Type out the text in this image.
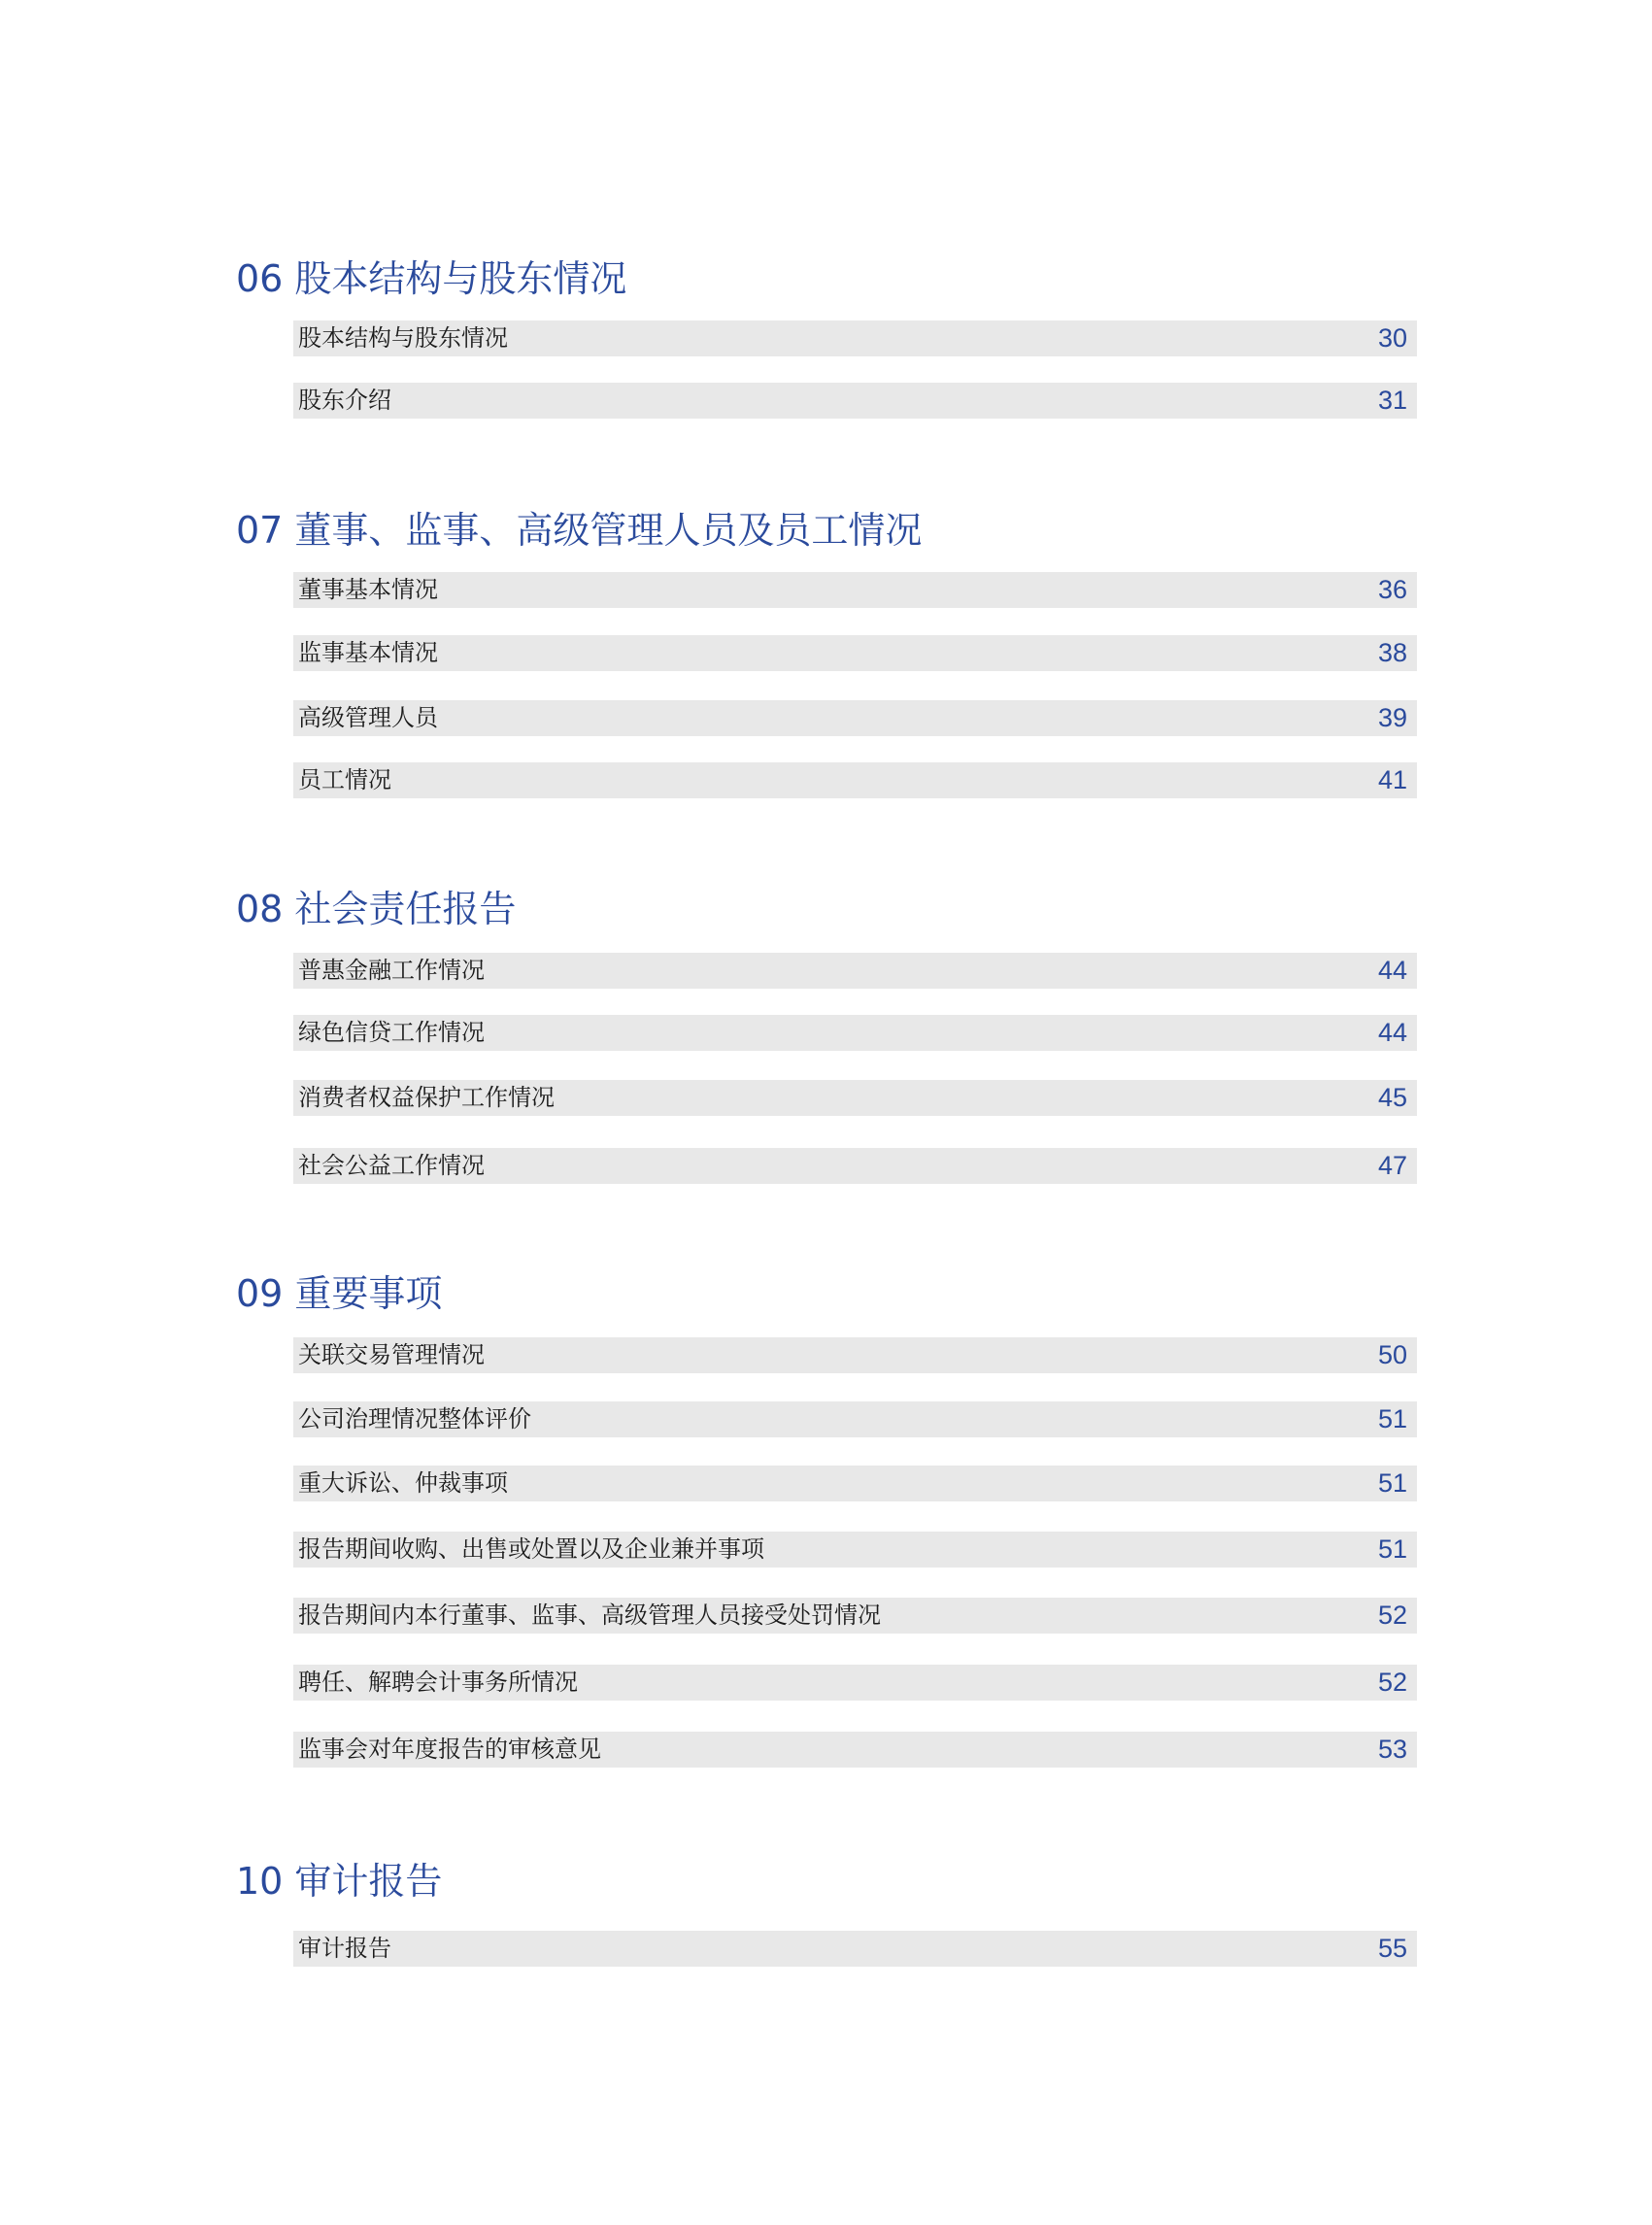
06 股本结构与股东情况
股本结构与股东情况	30
股东介绍	31
07 董事、监事、高级管理人员及员工情况
董事基本情况	36
监事基本情况	38
高级管理人员	39
员工情况	41
08 社会责任报告
普惠金融工作情况	44
绿色信贷工作情况	44
消费者权益保护工作情况	45
社会公益工作情况	47
09 重要事项
关联交易管理情况	50
公司治理情况整体评价	51
重大诉讼、仲裁事项	51
报告期间收购、出售或处置以及企业兼并事项	51
报告期间内本行董事、监事、高级管理人员接受处罚情况	52
聘任、解聘会计事务所情况	52
监事会对年度报告的审核意见	53
10 审计报告
审计报告	55
